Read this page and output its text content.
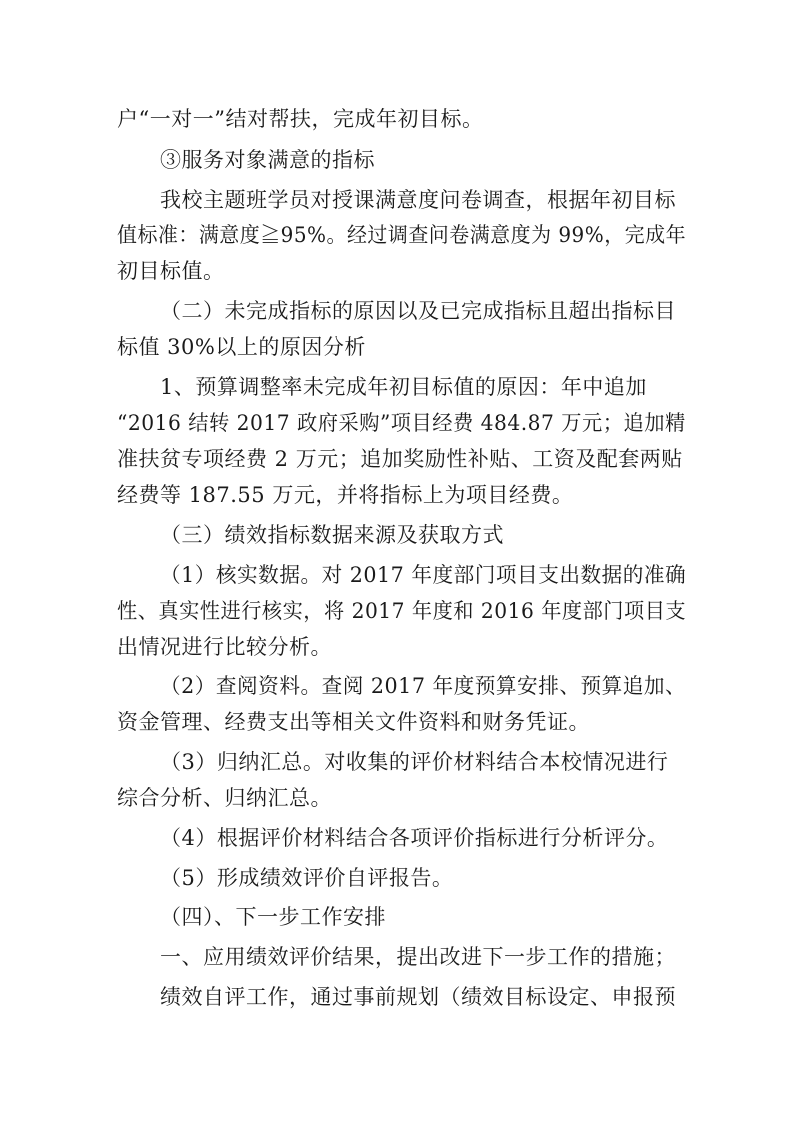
户“一对一”结对帮扶，完成年初目标。
③服务对象满意的指标
我校主题班学员对授课满意度问卷调查，根据年初目标
值标准：满意度≧95%。经过调查问卷满意度为 99%，完成年
初目标值。
（二）未完成指标的原因以及已完成指标且超出指标目
标值 30%以上的原因分析
1、预算调整率未完成年初目标值的原因：年中追加
“2016 结转 2017 政府采购”项目经费 484.87 万元；追加精
准扶贫专项经费 2 万元；追加奖励性补贴、工资及配套两贴
经费等 187.55 万元，并将指标上为项目经费。
（三）绩效指标数据来源及获取方式
（1）核实数据。对 2017 年度部门项目支出数据的准确
性、真实性进行核实，将 2017 年度和 2016 年度部门项目支
出情况进行比较分析。
（2）查阅资料。查阅 2017 年度预算安排、预算追加、
资金管理、经费支出等相关文件资料和财务凭证。
（3）归纳汇总。对收集的评价材料结合本校情况进行
综合分析、归纳汇总。
（4）根据评价材料结合各项评价指标进行分析评分。
（5）形成绩效评价自评报告。
（四）、下一步工作安排
一、应用绩效评价结果，提出改进下一步工作的措施；
绩效自评工作，通过事前规划（绩效目标设定、申报预
